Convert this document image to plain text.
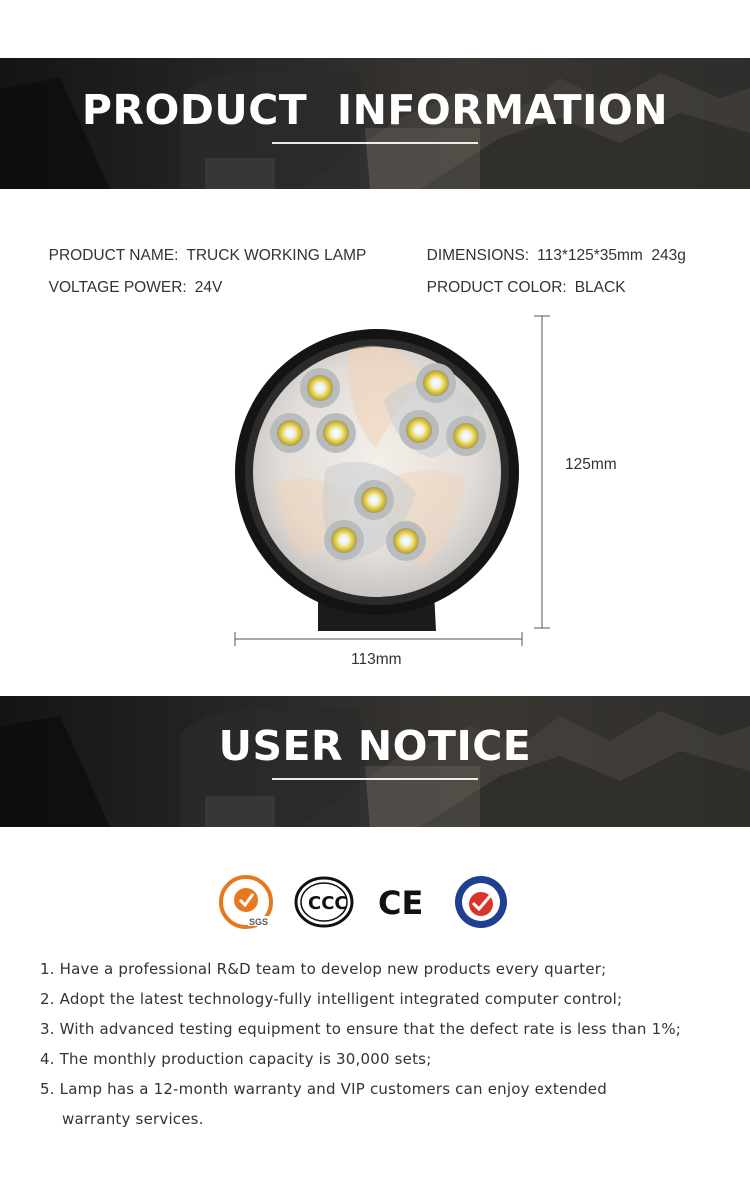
PRODUCT  INFORMATION

PRODUCT NAME: TRUCK WORKING LAMP	DIMENSIONS: 113*125*35mm  243g

VOLTAGE POWER: 24V	PRODUCT COLOR: BLACK

125mm
113mm
USER NOTICE
SGS
CCC CE
1. Have a professional R&D team to develop new products every quarter;
2. Adopt the latest technology-fully intelligent integrated computer control;
3. With advanced testing equipment to ensure that the defect rate is less than 1%;
4. The monthly production capacity is 30,000 sets;
5. Lamp has a 12-month warranty and VIP customers can enjoy extended
warranty services.
